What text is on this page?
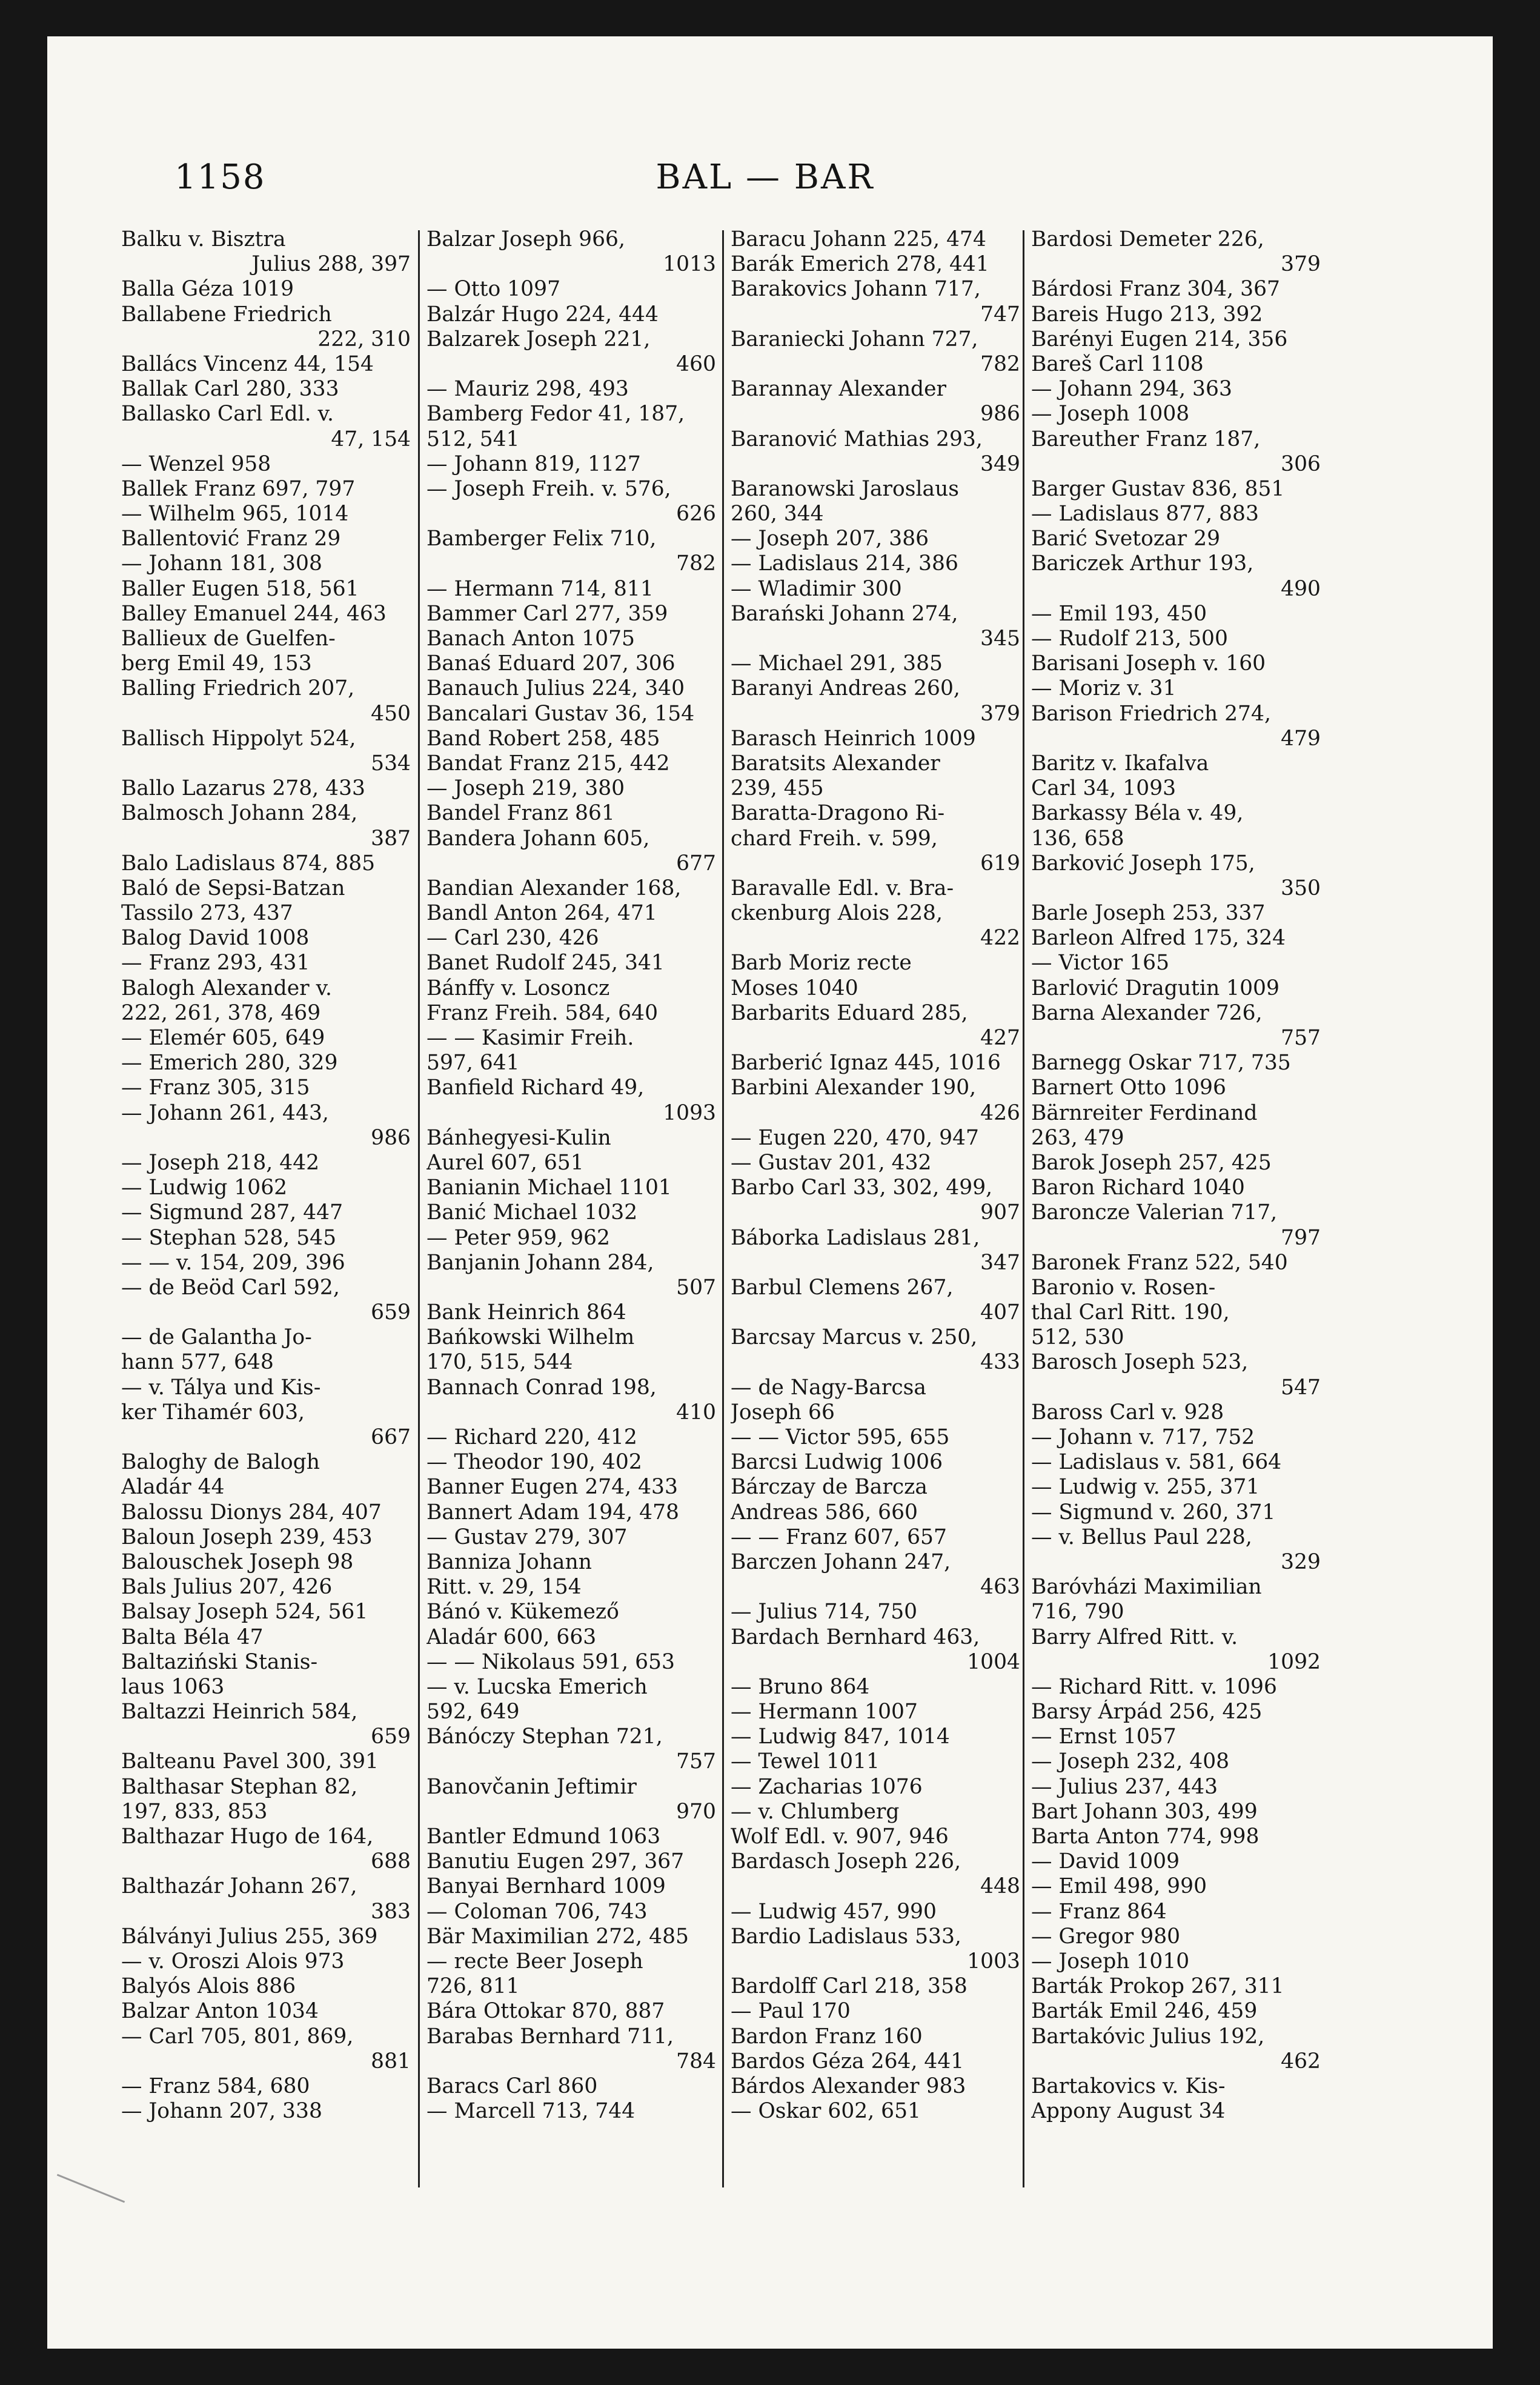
1158	BAL — BAR
Balku v. Bisztra
Julius 288, 397
Balla Géza 1019
Ballabene Friedrich
222, 310
Ballács Vincenz 44, 154
Ballak Carl 280, 333
Ballasko Carl Edl. v.
47, 154
— Wenzel 958
Ballek Franz 697, 797
— Wilhelm 965, 1014
Ballentović Franz 29
— Johann 181, 308
Baller Eugen 518, 561
Balley Emanuel 244, 463
Ballieux de Guelfen-
berg Emil 49, 153
Balling Friedrich 207,
450
Ballisch Hippolyt 524,
534
Ballo Lazarus 278, 433
Balmosch Johann 284,
387
Balo Ladislaus 874, 885
Baló de Sepsi-Batzan
Tassilo 273, 437
Balog David 1008
— Franz 293, 431
Balogh Alexander v.
222, 261, 378, 469
— Elemér 605, 649
— Emerich 280, 329
— Franz 305, 315
— Johann 261, 443,
986
— Joseph 218, 442
— Ludwig 1062
— Sigmund 287, 447
— Stephan 528, 545
— — v. 154, 209, 396
— de Beöd Carl 592,
659
— de Galantha Jo-
hann 577, 648
— v. Tálya und Kis-
ker Tihamér 603,
667
Baloghy de Balogh
Aladár 44
Balossu Dionys 284, 407
Baloun Joseph 239, 453
Balouschek Joseph 98
Bals Julius 207, 426
Balsay Joseph 524, 561
Balta Béla 47
Baltaziński Stanis-
laus 1063
Baltazzi Heinrich 584,
659
Balteanu Pavel 300, 391
Balthasar Stephan 82,
197, 833, 853
Balthazar Hugo de 164,
688
Balthazár Johann 267,
383
Bálványi Julius 255, 369
— v. Oroszi Alois 973
Balyós Alois 886
Balzar Anton 1034
— Carl 705, 801, 869,
881
— Franz 584, 680
— Johann 207, 338
Balzar Joseph 966,
1013
— Otto 1097
Balzár Hugo 224, 444
Balzarek Joseph 221,
460
— Mauriz 298, 493
Bamberg Fedor 41, 187,
512, 541
— Johann 819, 1127
— Joseph Freih. v. 576,
626
Bamberger Felix 710,
782
— Hermann 714, 811
Bammer Carl 277, 359
Banach Anton 1075
Banaś Eduard 207, 306
Banauch Julius 224, 340
Bancalari Gustav 36, 154
Band Robert 258, 485
Bandat Franz 215, 442
— Joseph 219, 380
Bandel Franz 861
Bandera Johann 605,
677
Bandian Alexander 168,
Bandl Anton 264, 471
— Carl 230, 426
Banet Rudolf 245, 341
Bánffy v. Losoncz
Franz Freih. 584, 640
— — Kasimir Freih.
597, 641
Banfield Richard 49,
1093
Bánhegyesi-Kulin
Aurel 607, 651
Banianin Michael 1101
Banić Michael 1032
— Peter 959, 962
Banjanin Johann 284,
507
Bank Heinrich 864
Bańkowski Wilhelm
170, 515, 544
Bannach Conrad 198,
410
— Richard 220, 412
— Theodor 190, 402
Banner Eugen 274, 433
Bannert Adam 194, 478
— Gustav 279, 307
Banniza Johann
Ritt. v. 29, 154
Bánó v. Kükemező
Aladár 600, 663
— — Nikolaus 591, 653
— v. Lucska Emerich
592, 649
Bánóczy Stephan 721,
757
Banovčanin Jeftimir
970
Bantler Edmund 1063
Banutiu Eugen 297, 367
Banyai Bernhard 1009
— Coloman 706, 743
Bär Maximilian 272, 485
— recte Beer Joseph
726, 811
Bára Ottokar 870, 887
Barabas Bernhard 711,
784
Baracs Carl 860
— Marcell 713, 744
Baracu Johann 225, 474
Barák Emerich 278, 441
Barakovics Johann 717,
747
Baraniecki Johann 727,
782
Barannay Alexander
986
Baranović Mathias 293,
349
Baranowski Jaroslaus
260, 344
— Joseph 207, 386
— Ladislaus 214, 386
— Wladimir 300
Barański Johann 274,
345
— Michael 291, 385
Baranyi Andreas 260,
379
Barasch Heinrich 1009
Baratsits Alexander
239, 455
Baratta-Dragono Ri-
chard Freih. v. 599,
619
Baravalle Edl. v. Bra-
ckenburg Alois 228,
422
Barb Moriz recte
Moses 1040
Barbarits Eduard 285,
427
Barberić Ignaz 445, 1016
Barbini Alexander 190,
426
— Eugen 220, 470, 947
— Gustav 201, 432
Barbo Carl 33, 302, 499,
907
Báborka Ladislaus 281,
347
Barbul Clemens 267,
407
Barcsay Marcus v. 250,
433
— de Nagy-Barcsa
Joseph 66
— — Victor 595, 655
Barcsi Ludwig 1006
Bárczay de Barcza
Andreas 586, 660
— — Franz 607, 657
Barczen Johann 247,
463
— Julius 714, 750
Bardach Bernhard 463,
1004
— Bruno 864
— Hermann 1007
— Ludwig 847, 1014
— Tewel 1011
— Zacharias 1076
— v. Chlumberg
Wolf Edl. v. 907, 946
Bardasch Joseph 226,
448
— Ludwig 457, 990
Bardio Ladislaus 533,
1003
Bardolff Carl 218, 358
— Paul 170
Bardon Franz 160
Bardos Géza 264, 441
Bárdos Alexander 983
— Oskar 602, 651
Bardosi Demeter 226,
379
Bárdosi Franz 304, 367
Bareis Hugo 213, 392
Barényi Eugen 214, 356
Bareš Carl 1108
— Johann 294, 363
— Joseph 1008
Bareuther Franz 187,
306
Barger Gustav 836, 851
— Ladislaus 877, 883
Barić Svetozar 29
Bariczek Arthur 193,
490
— Emil 193, 450
— Rudolf 213, 500
Barisani Joseph v. 160
— Moriz v. 31
Barison Friedrich 274,
479
Baritz v. Ikafalva
Carl 34, 1093
Barkassy Béla v. 49,
136, 658
Barković Joseph 175,
350
Barle Joseph 253, 337
Barleon Alfred 175, 324
— Victor 165
Barlović Dragutin 1009
Barna Alexander 726,
757
Barnegg Oskar 717, 735
Barnert Otto 1096
Bärnreiter Ferdinand
263, 479
Barok Joseph 257, 425
Baron Richard 1040
Baroncze Valerian 717,
797
Baronek Franz 522, 540
Baronio v. Rosen-
thal Carl Ritt. 190,
512, 530
Barosch Joseph 523,
547
Baross Carl v. 928
— Johann v. 717, 752
— Ladislaus v. 581, 664
— Ludwig v. 255, 371
— Sigmund v. 260, 371
— v. Bellus Paul 228,
329
Baróvházi Maximilian
716, 790
Barry Alfred Ritt. v.
1092
— Richard Ritt. v. 1096
Barsy Árpád 256, 425
— Ernst 1057
— Joseph 232, 408
— Julius 237, 443
Bart Johann 303, 499
Barta Anton 774, 998
— David 1009
— Emil 498, 990
— Franz 864
— Gregor 980
— Joseph 1010
Barták Prokop 267, 311
Barták Emil 246, 459
Bartakóvic Julius 192,
462
Bartakovics v. Kis-
Appony August 34
